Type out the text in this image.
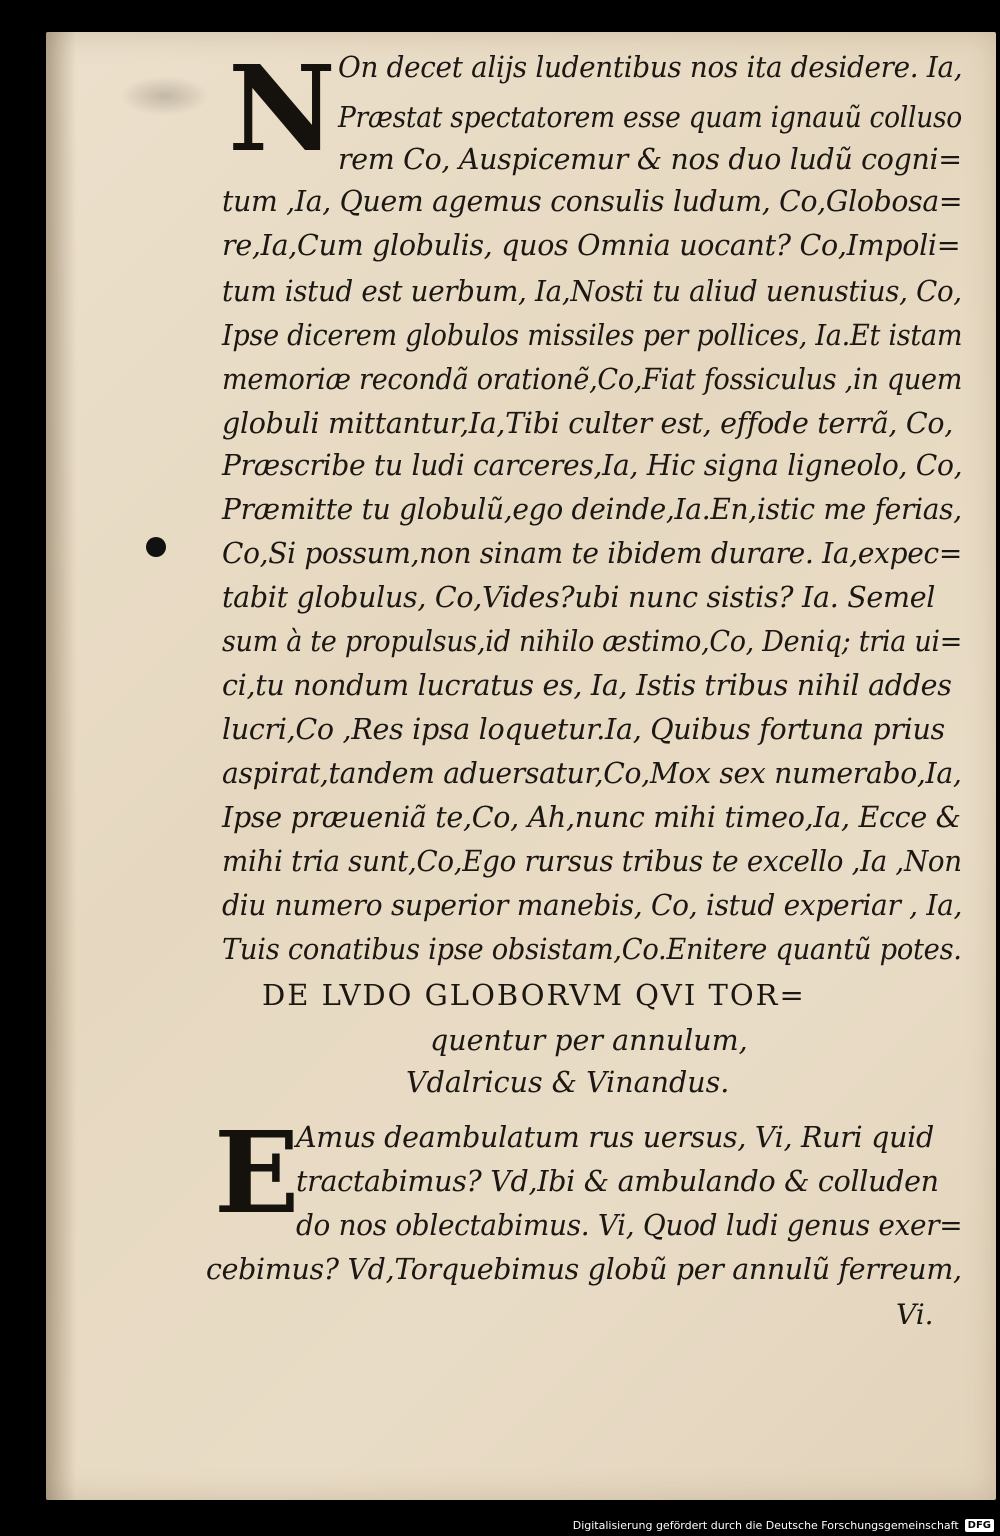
N On decet alijs ludentibus nos ita desidere. Ia,
Præstat spectatorem esse quam ignauũ colluso
rem Co, Auspicemur & nos duo ludũ cogni=
tum ,Ia, Quem agemus consulis ludum, Co,Globosa=
re,Ia,Cum globulis, quos Omnia uocant? Co,Impoli=
tum istud est uerbum, Ia,Nosti tu aliud uenustius, Co,
Ipse dicerem globulos missiles per pollices, Ia.Et istam
memoriæ recondã orationẽ,Co,Fiat fossiculus ,in quem
globuli mittantur,Ia,Tibi culter est, effode terrã, Co,
Præscribe tu ludi carceres,Ia, Hic signa ligneolo, Co,
Præmitte tu globulũ,ego deinde,Ia.En,istic me ferias,
Co,Si possum,non sinam te ibidem durare. Ia,expec=
tabit globulus, Co,Vides?ubi nunc sistis? Ia. Semel
sum à te propulsus,id nihilo æstimo,Co, Deniq; tria ui=
ci,tu nondum lucratus es, Ia, Istis tribus nihil addes
lucri,Co ,Res ipsa loquetur.Ia, Quibus fortuna prius
aspirat,tandem aduersatur,Co,Mox sex numerabo,Ia,
Ipse præueniã te,Co, Ah,nunc mihi timeo,Ia, Ecce &
mihi tria sunt,Co,Ego rursus tribus te excello ,Ia ,Non
diu numero superior manebis, Co, istud experiar , Ia,
Tuis conatibus ipse obsistam,Co.Enitere quantũ potes.
DE LVDO GLOBORVM QVI TOR=
quentur per annulum,
Vdalricus & Vinandus.
E
Amus deambulatum rus uersus, Vi, Ruri quid
tractabimus? Vd,Ibi & ambulando & colluden
do nos oblectabimus. Vi, Quod ludi genus exer=
cebimus? Vd,Torquebimus globũ per annulũ ferreum,
Vi.
Digitalisierung gefördert durch die Deutsche Forschungsgemeinschaft DFG
